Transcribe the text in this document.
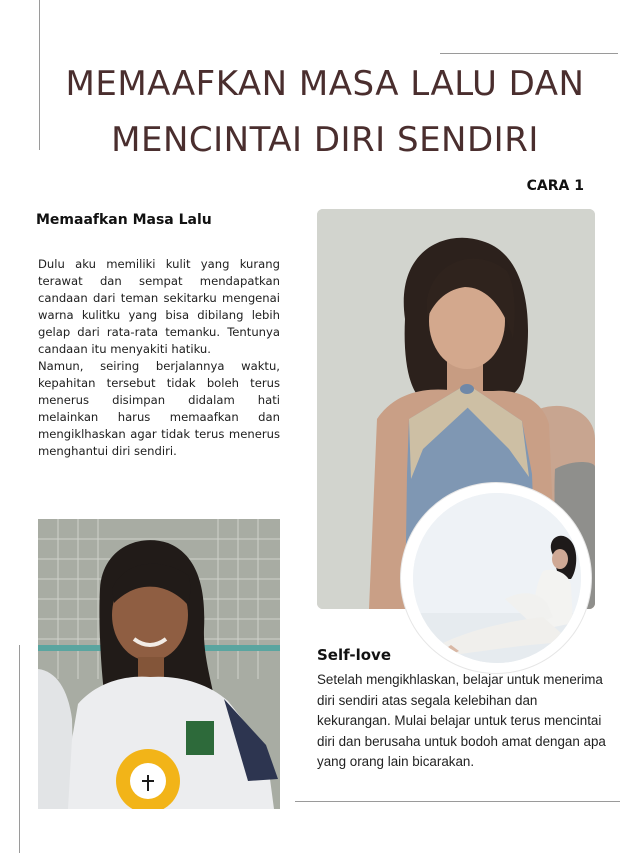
MEMAAFKAN MASA LALU DAN
MENCINTAI DIRI SENDIRI
CARA 1
Memaafkan Masa Lalu

Dulu aku memiliki kulit yang kurang terawat dan sempat mendapatkan candaan dari teman sekitarku mengenai warna kulitku yang bisa dibilang lebih gelap dari rata-rata temanku. Tentunya candaan itu menyakiti hatiku.

Namun, seiring berjalannya waktu, kepahitan tersebut tidak boleh terus menerus disimpan didalam hati melainkan harus memaafkan dan mengiklhaskan agar tidak terus menerus menghantui diri sendiri.

Self-love
Setelah mengikhlaskan, belajar untuk menerima diri sendiri atas segala kelebihan dan kekurangan. Mulai belajar untuk terus mencintai diri dan berusaha untuk bodoh amat dengan apa yang orang lain bicarakan.
